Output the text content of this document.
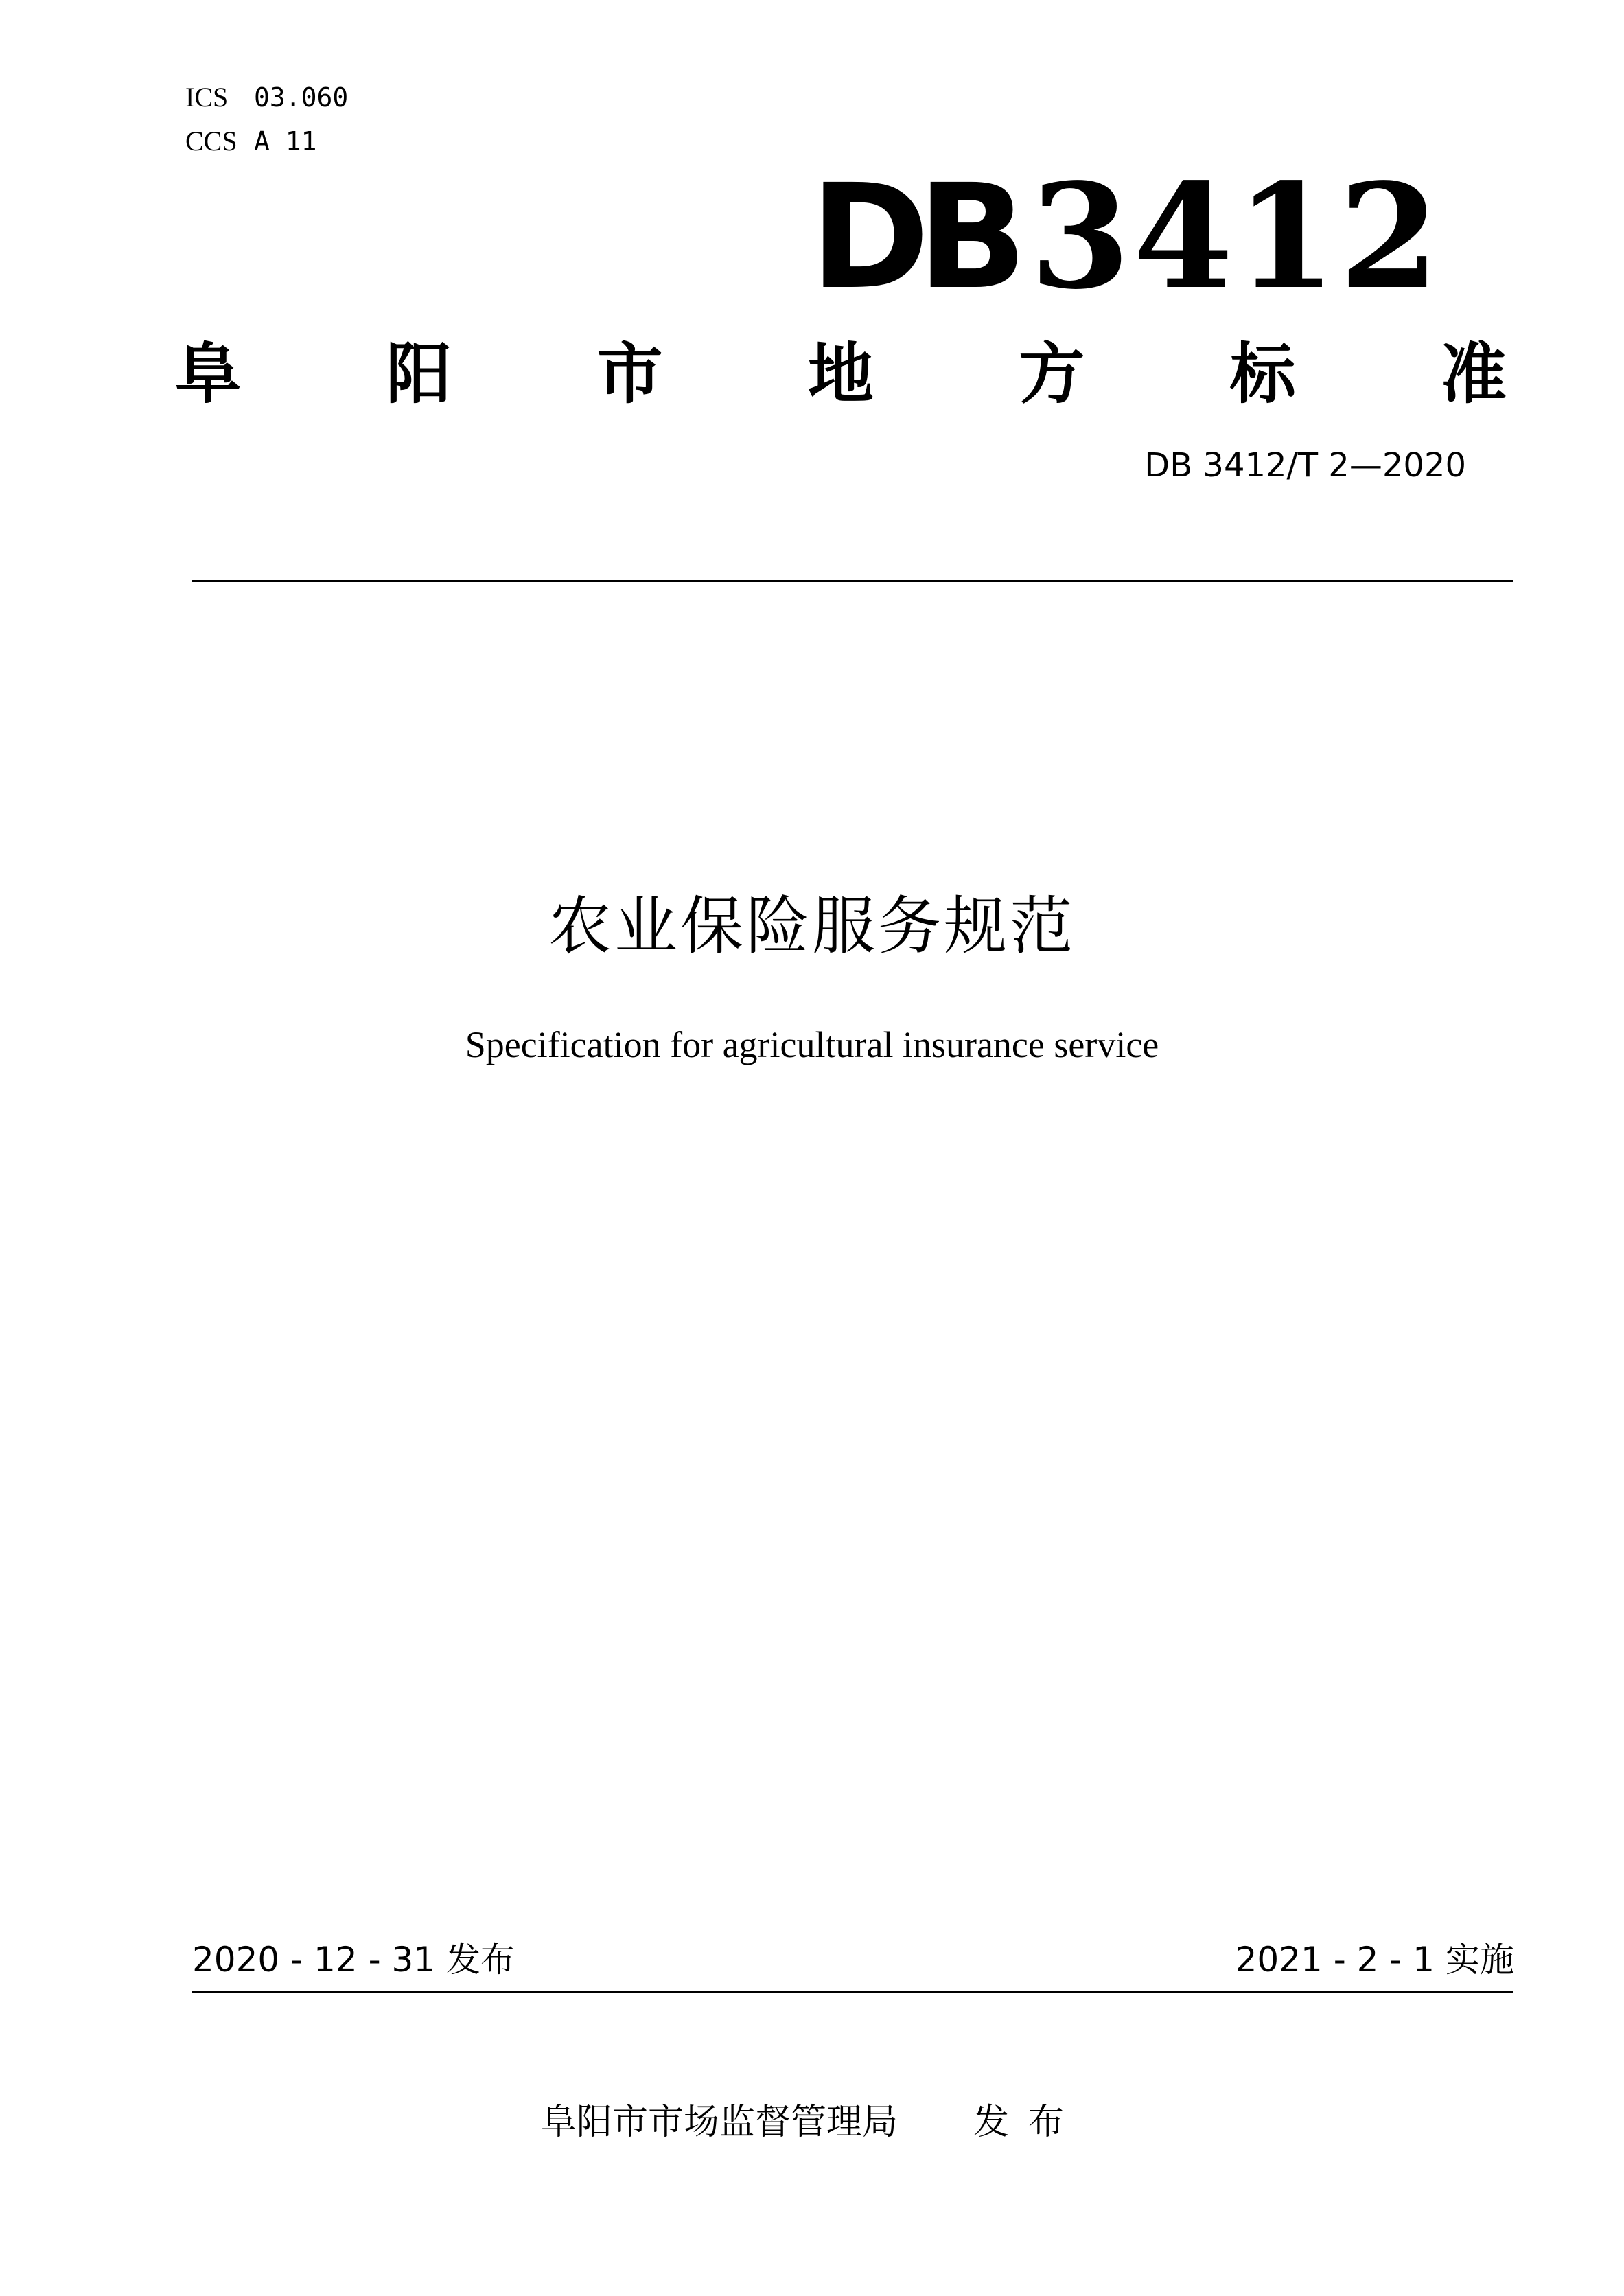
ICS 03.060
CCS A 11
DB 3412
阜 阳 市 地 方 标 准
DB 3412/T 2—2020
农业保险服务规范
Specification for agricultural insurance service
2020 - 12 - 31 发布	2021 - 2 - 1 实施
阜阳市市场监督管理局 发布
